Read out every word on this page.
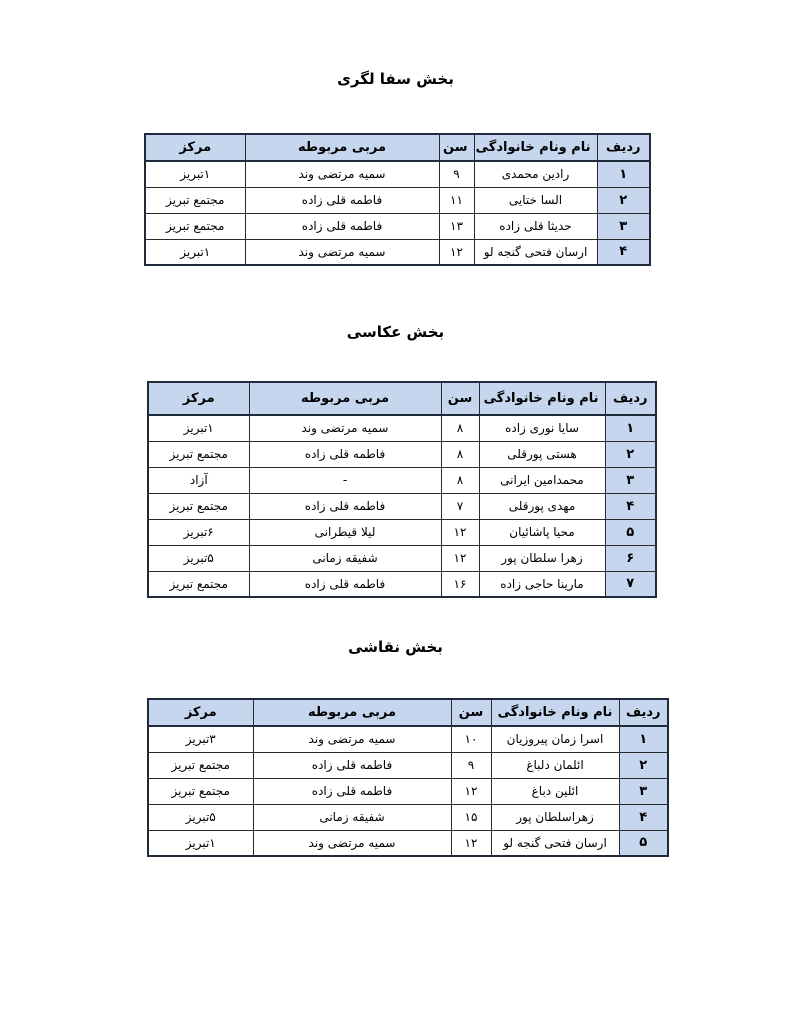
بخش سفا لگری
ردیف	نام ونام خانوادگی	سن	مربی مربوطه	مرکز
۱	رادین محمدی	۹	سمیه مرتضی وند	۱تبریز
۲	السا ختایی	۱۱	فاطمه قلی زاده	مجتمع تبریز
۳	حدیثا قلی زاده	۱۳	فاطمه قلی زاده	مجتمع تبریز
۴	ارسان فتحی گنجه لو	۱۲	سمیه مرتضی وند	۱تبریز
بخش عکاسی
ردیف	نام ونام خانوادگی	سن	مربی مربوطه	مرکز
۱	سایا نوری زاده	۸	سمیه مرتضی وند	۱تبریز
۲	هستی پورقلی	۸	فاطمه قلی زاده	مجتمع تبریز
۳	محمدامین ایرانی	۸	-	آزاد
۴	مهدی پورقلی	۷	فاطمه قلی زاده	مجتمع تبریز
۵	محیا پاشائیان	۱۲	لیلا قیطرانی	۶تبریز
۶	زهرا سلطان پور	۱۲	شفیقه زمانی	۵تبریز
۷	مارینا حاجی زاده	۱۶	فاطمه قلی زاده	مجتمع تبریز
بخش نقاشی
ردیف	نام ونام خانوادگی	سن	مربی مربوطه	مرکز
۱	اسرا زمان پیروزیان	۱۰	سمیه مرتضی وند	۳تبریز
۲	ائلمان دلباغ	۹	فاطمه قلی زاده	مجتمع تبریز
۳	ائلین دباغ	۱۲	فاطمه قلی زاده	مجتمع تبریز
۴	زهراسلطان پور	۱۵	شفیقه زمانی	۵تبریز
۵	ارسان فتحی گنجه لو	۱۲	سمیه مرتضی وند	۱تبریز
